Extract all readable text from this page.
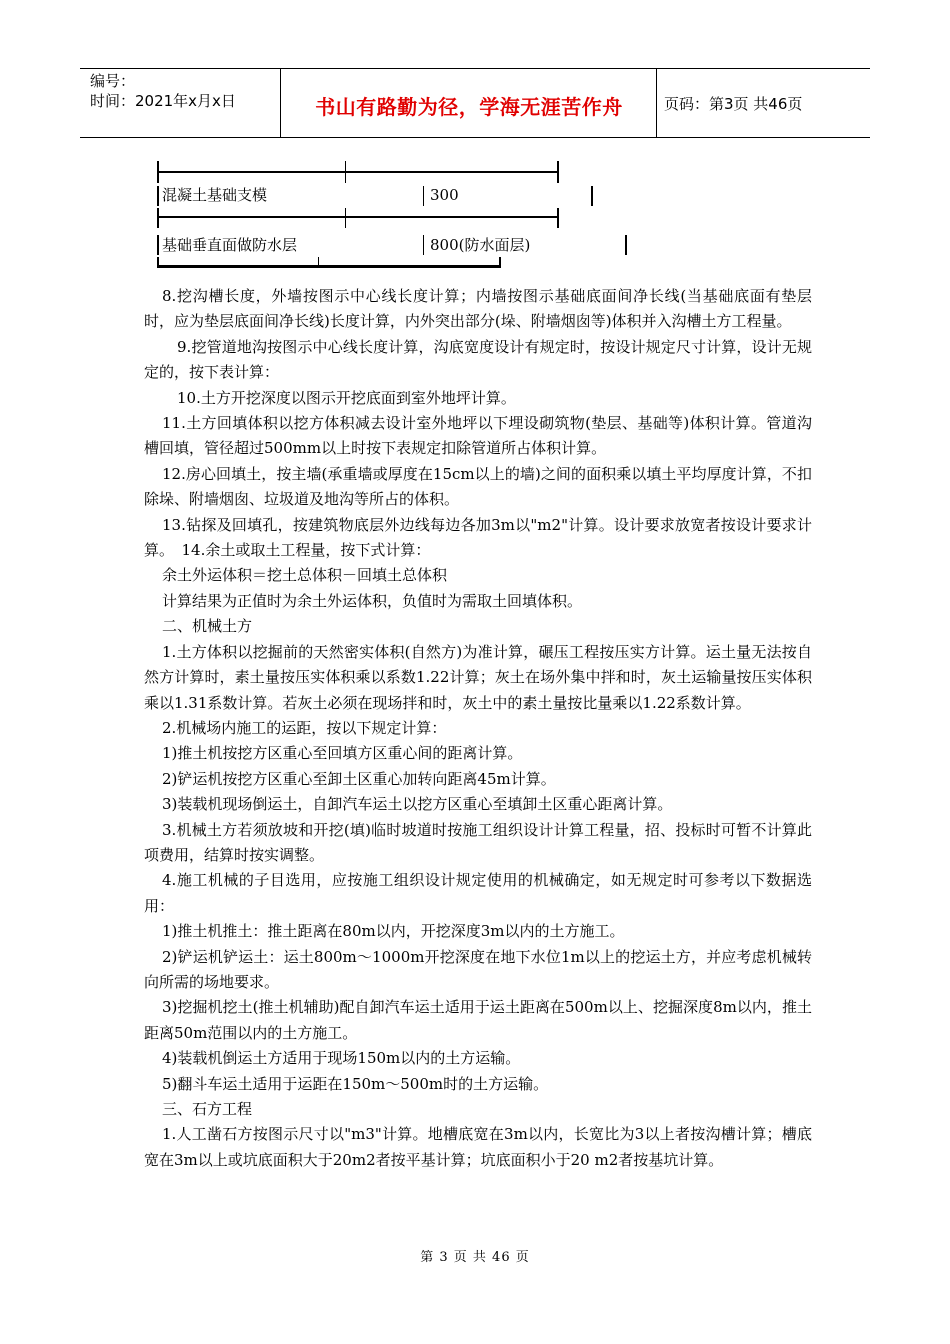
编号：
时间：2021年x月x日	书山有路勤为径，学海无涯苦作舟	页码：第3页 共46页
混凝土基础支模	300
基础垂直面做防水层	800(防水面层)

8.挖沟槽长度，外墙按图示中心线长度计算；内墙按图示基础底面间净长线(当基础底面有垫层时，应为垫层底面间净长线)长度计算，内外突出部分(垛、附墙烟囱等)体积并入沟槽土方工程量。

9.挖管道地沟按图示中心线长度计算，沟底宽度设计有规定时，按设计规定尺寸计算，设计无规定的，按下表计算：

10.土方开挖深度以图示开挖底面到室外地坪计算。

11.土方回填体积以挖方体积减去设计室外地坪以下埋设砌筑物(垫层、基础等)体积计算。管道沟槽回填，管径超过500mm以上时按下表规定扣除管道所占体积计算。

12.房心回填土，按主墙(承重墙或厚度在15cm以上的墙)之间的面积乘以填土平均厚度计算，不扣除垛、附墙烟囱、垃圾道及地沟等所占的体积。

13.钻探及回填孔，按建筑物底层外边线每边各加3m以"m2"计算。设计要求放宽者按设计要求计算。　14.余土或取土工程量，按下式计算：

余土外运体积＝挖土总体积－回填土总体积

计算结果为正值时为余土外运体积，负值时为需取土回填体积。

二、机械土方

1.土方体积以挖掘前的天然密实体积(自然方)为准计算，碾压工程按压实方计算。运土量无法按自然方计算时，素土量按压实体积乘以系数1.22计算；灰土在场外集中拌和时，灰土运输量按压实体积乘以1.31系数计算。若灰土必须在现场拌和时，灰土中的素土量按比量乘以1.22系数计算。

2.机械场内施工的运距，按以下规定计算：

1)推土机按挖方区重心至回填方区重心间的距离计算。

2)铲运机按挖方区重心至卸土区重心加转向距离45m计算。

3)装载机现场倒运土，自卸汽车运土以挖方区重心至填卸土区重心距离计算。

3.机械土方若须放坡和开挖(填)临时坡道时按施工组织设计计算工程量，招、投标时可暂不计算此项费用，结算时按实调整。

4.施工机械的子目选用，应按施工组织设计规定使用的机械确定，如无规定时可参考以下数据选用：

1)推土机推土：推土距离在80m以内，开挖深度3m以内的土方施工。

2)铲运机铲运土：运土800m～1000m开挖深度在地下水位1m以上的挖运土方，并应考虑机械转向所需的场地要求。

3)挖掘机挖土(推土机辅助)配自卸汽车运土适用于运土距离在500m以上、挖掘深度8m以内，推土距离50m范围以内的土方施工。

4)装载机倒运土方适用于现场150m以内的土方运输。

5)翻斗车运土适用于运距在150m～500m时的土方运输。

三、石方工程

1.人工凿石方按图示尺寸以"m3"计算。地槽底宽在3m以内，长宽比为3以上者按沟槽计算；槽底宽在3m以上或坑底面积大于20m2者按平基计算；坑底面积小于20 m2者按基坑计算。

第 3 页 共 46 页
